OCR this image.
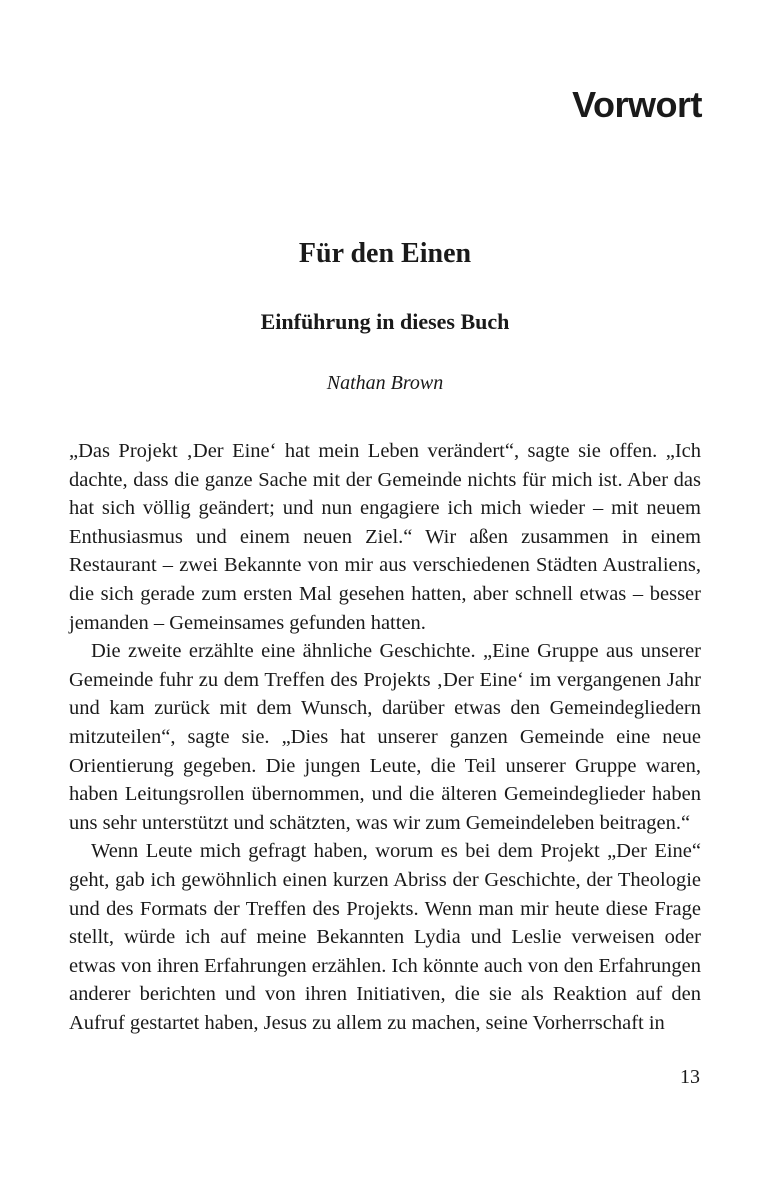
Vorwort
Für den Einen
Einführung in dieses Buch

Nathan Brown

„Das Projekt ‚Der Eine‘ hat mein Leben verändert“, sagte sie offen. „Ich dachte, dass die ganze Sache mit der Gemeinde nichts für mich ist. Aber das hat sich völlig geändert; und nun engagiere ich mich wieder – mit neuem Enthusiasmus und einem neuen Ziel.“ Wir aßen zusammen in einem Restaurant – zwei Bekannte von mir aus verschiedenen Städten Australiens, die sich gerade zum ersten Mal gesehen hatten, aber schnell etwas – besser jemanden – Gemeinsames gefunden hatten.

Die zweite erzählte eine ähnliche Geschichte. „Eine Gruppe aus unserer Gemeinde fuhr zu dem Treffen des Projekts ‚Der Eine‘ im vergangenen Jahr und kam zurück mit dem Wunsch, darüber etwas den Gemeindegliedern mitzuteilen“, sagte sie. „Dies hat unserer ganzen Gemeinde eine neue Orientierung gegeben. Die jungen Leute, die Teil unserer Gruppe waren, haben Leitungsrollen übernommen, und die älteren Gemeindeglieder haben uns sehr unterstützt und schätzten, was wir zum Gemeindeleben beitragen.“

Wenn Leute mich gefragt haben, worum es bei dem Projekt „Der Eine“ geht, gab ich gewöhnlich einen kurzen Abriss der Geschichte, der Theologie und des Formats der Treffen des Projekts. Wenn man mir heute diese Frage stellt, würde ich auf meine Bekannten Lydia und Leslie verweisen oder etwas von ihren Erfahrungen erzählen. Ich könnte auch von den Erfahrungen anderer berichten und von ihren Initiativen, die sie als Reaktion auf den Aufruf gestartet haben, Jesus zu allem zu machen, seine Vorherrschaft in

13
